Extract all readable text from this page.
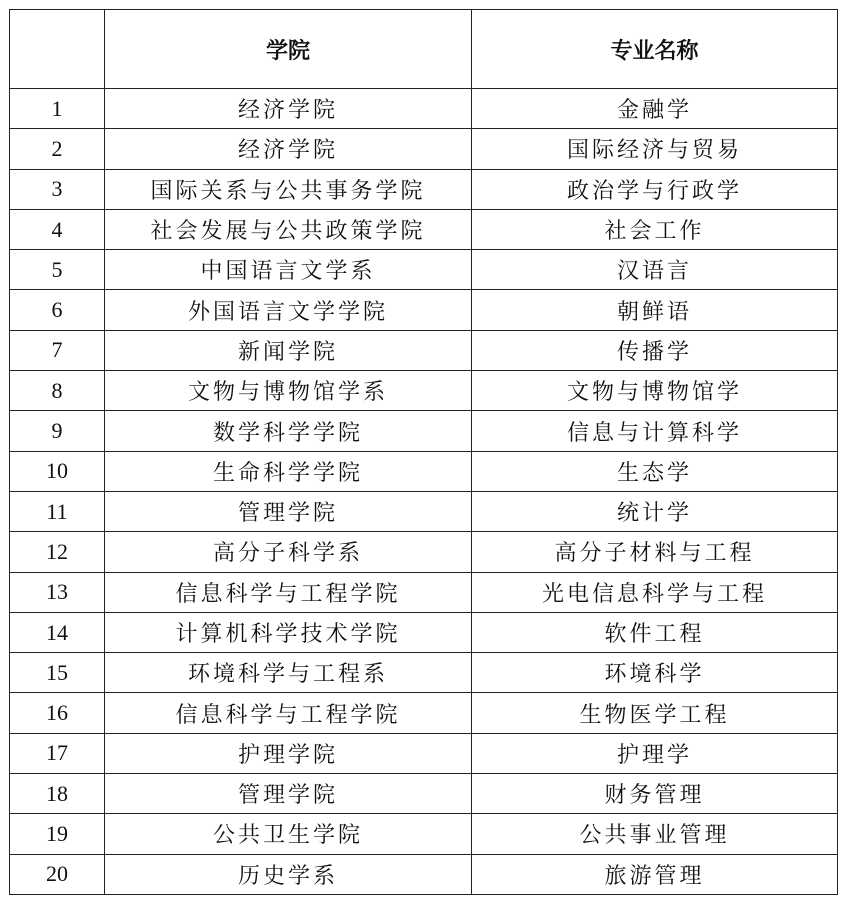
	学院	专业名称
1	经济学院	金融学
2	经济学院	国际经济与贸易
3	国际关系与公共事务学院	政治学与行政学
4	社会发展与公共政策学院	社会工作
5	中国语言文学系	汉语言
6	外国语言文学学院	朝鲜语
7	新闻学院	传播学
8	文物与博物馆学系	文物与博物馆学
9	数学科学学院	信息与计算科学
10	生命科学学院	生态学
11	管理学院	统计学
12	高分子科学系	高分子材料与工程
13	信息科学与工程学院	光电信息科学与工程
14	计算机科学技术学院	软件工程
15	环境科学与工程系	环境科学
16	信息科学与工程学院	生物医学工程
17	护理学院	护理学
18	管理学院	财务管理
19	公共卫生学院	公共事业管理
20	历史学系	旅游管理
